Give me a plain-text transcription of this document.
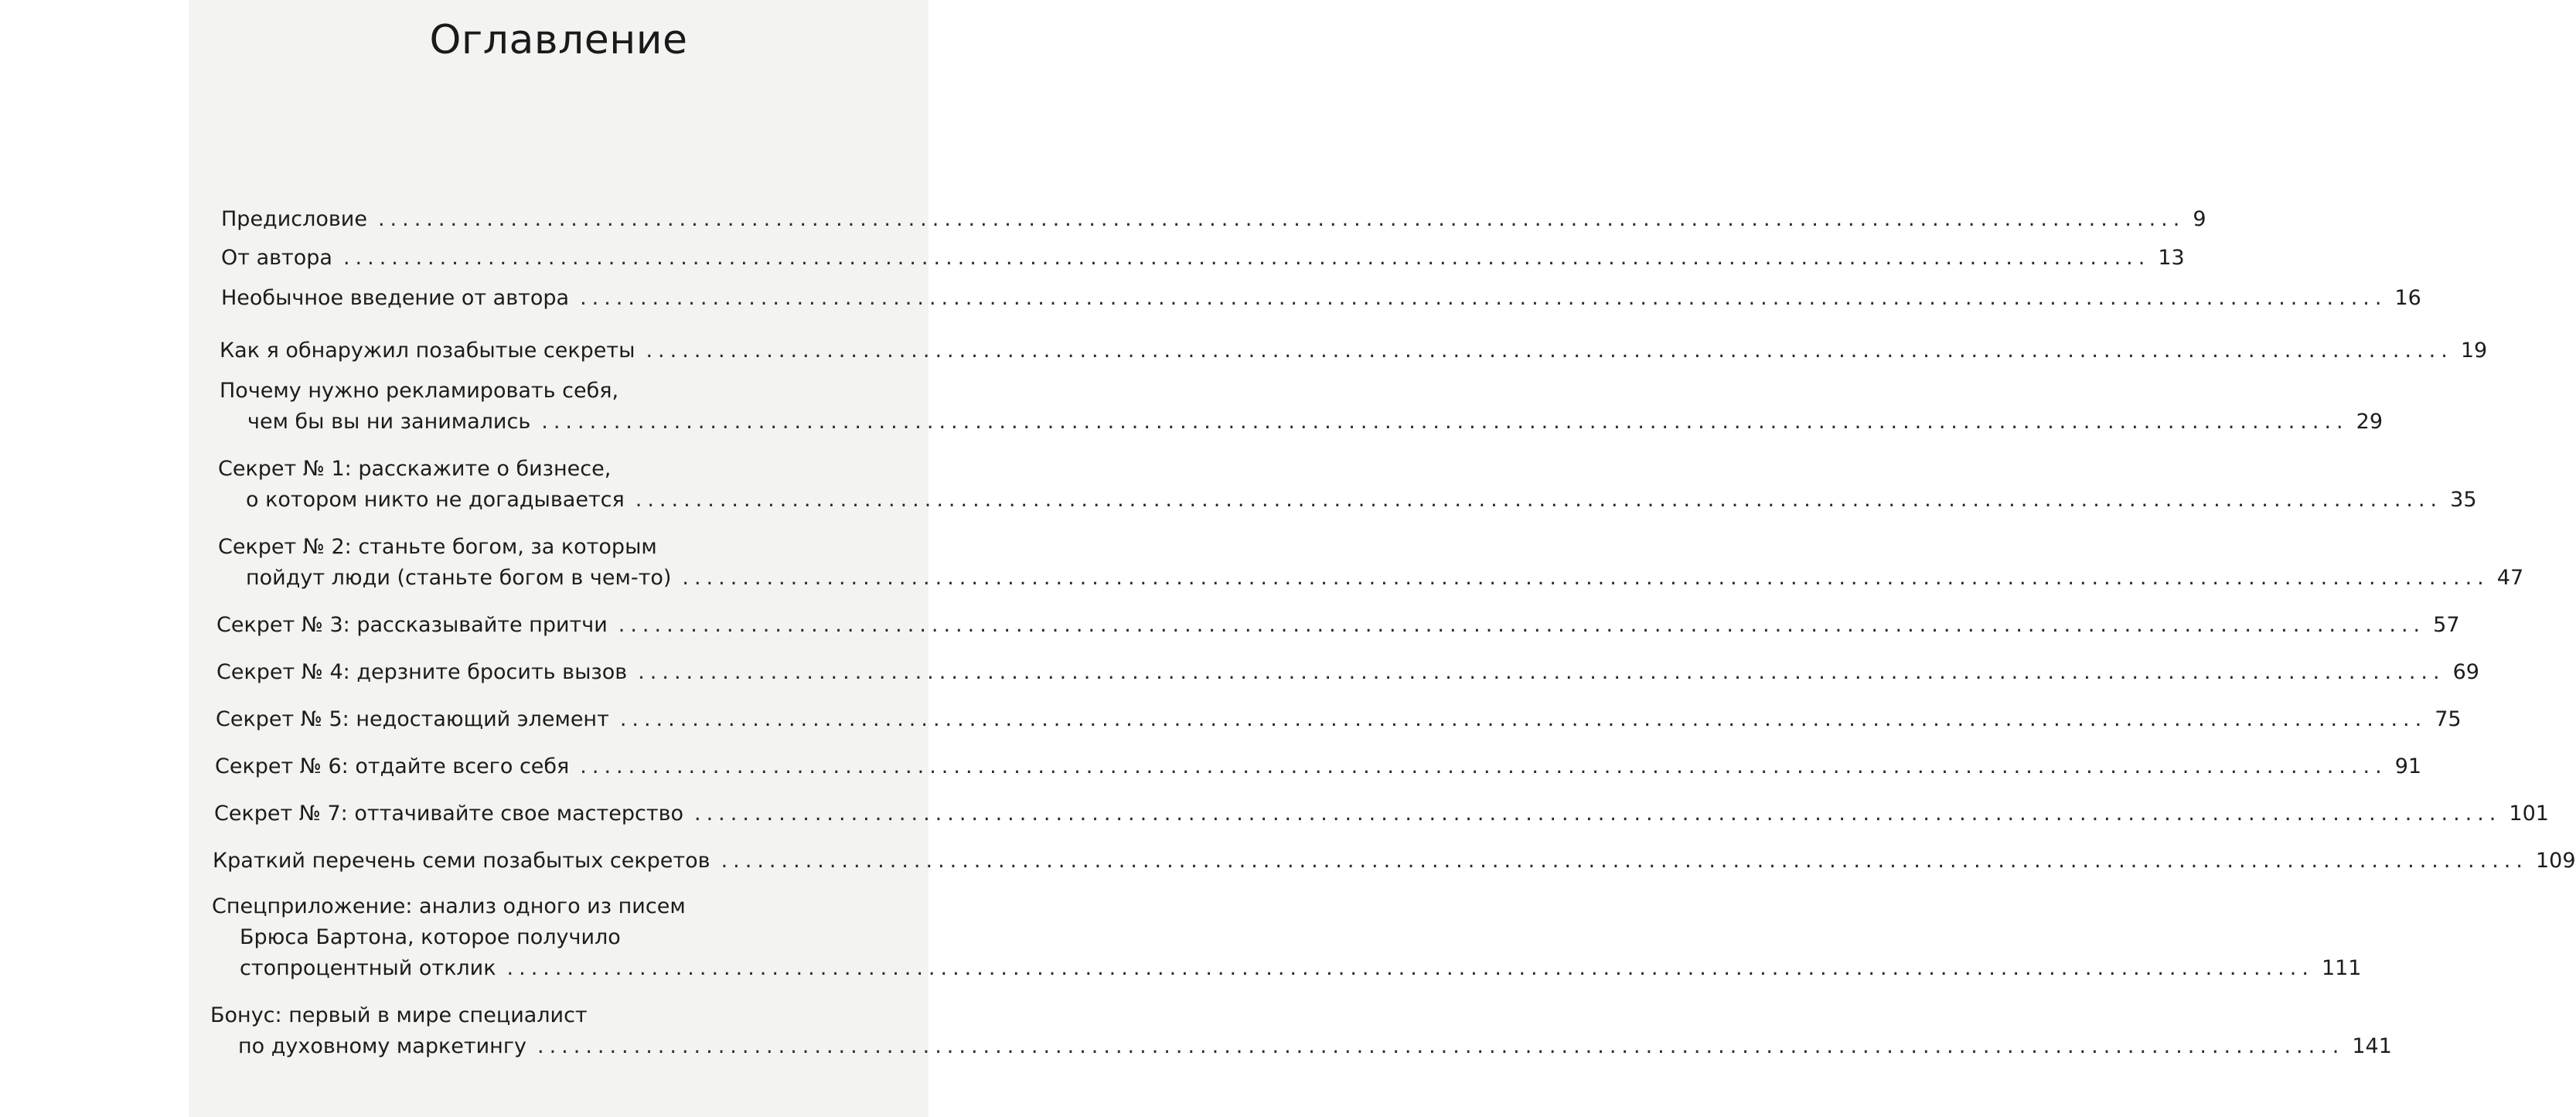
Оглавление
Предисловие ...................................................................................................................................................... 9
От автора ...................................................................................................................................................... 13
Необычное введение от автора ...................................................................................................................................................... 16
Как я обнаружил позабытые секреты ...................................................................................................................................................... 19
Почему нужно рекламировать себя,
чем бы вы ни занимались ...................................................................................................................................................... 29
Секрет № 1: расскажите о бизнесе,
о котором никто не догадывается ...................................................................................................................................................... 35
Секрет № 2: станьте богом, за которым
пойдут люди (станьте богом в чем-то) ...................................................................................................................................................... 47
Секрет № 3: рассказывайте притчи ...................................................................................................................................................... 57
Секрет № 4: дерзните бросить вызов ...................................................................................................................................................... 69
Секрет № 5: недостающий элемент ...................................................................................................................................................... 75
Секрет № 6: отдайте всего себя ...................................................................................................................................................... 91
Секрет № 7: оттачивайте свое мастерство ...................................................................................................................................................... 101
Краткий перечень семи позабытых секретов ...................................................................................................................................................... 109
Спецприложение: анализ одного из писем
Брюса Бартона, которое получило
стопроцентный отклик ...................................................................................................................................................... 111
Бонус: первый в мире специалист
по духовному маркетингу ...................................................................................................................................................... 141
